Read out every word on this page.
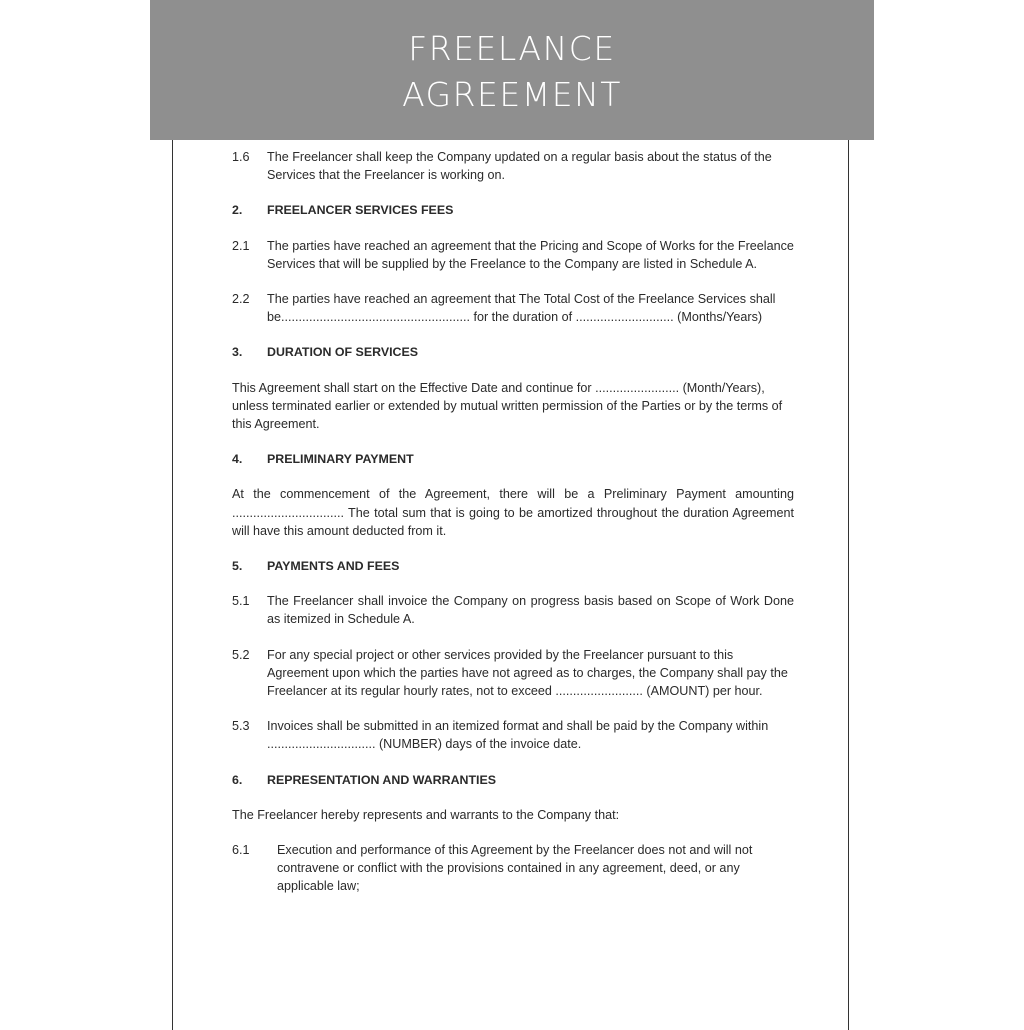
FREELANCE
AGREEMENT
1.6	The Freelancer shall keep the Company updated on a regular basis about the status of the Services that the Freelancer is working on.
2.	FREELANCER SERVICES FEES
2.1	The parties have reached an agreement that the Pricing and Scope of Works for the Freelance Services that will be supplied by the Freelance to the Company are listed in Schedule A.
2.2	The parties have reached an agreement that The Total Cost of the Freelance Services shall be...................................................... for the duration of ............................ (Months/Years)
3.	DURATION OF SERVICES
This Agreement shall start on the Effective Date and continue for ........................ (Month/Years), unless terminated earlier or extended by mutual written permission of the Parties or by the terms of this Agreement.
4.	PRELIMINARY PAYMENT
At the commencement of the Agreement, there will be a Preliminary Payment amounting ................................ The total sum that is going to be amortized throughout the duration Agreement will have this amount deducted from it.
5.	PAYMENTS AND FEES
5.1	The Freelancer shall invoice the Company on progress basis based on Scope of Work Done as itemized in Schedule A.
5.2	For any special project or other services provided by the Freelancer pursuant to this Agreement upon which the parties have not agreed as to charges, the Company shall pay the Freelancer at its regular hourly rates, not to exceed ......................... (AMOUNT) per hour.
5.3	Invoices shall be submitted in an itemized format and shall be paid by the Company within ............................... (NUMBER) days of the invoice date.
6.	REPRESENTATION AND WARRANTIES
The Freelancer hereby represents and warrants to the Company that:
6.1	Execution and performance of this Agreement by the Freelancer does not and will not contravene or conflict with the provisions contained in any agreement, deed, or any applicable law;
